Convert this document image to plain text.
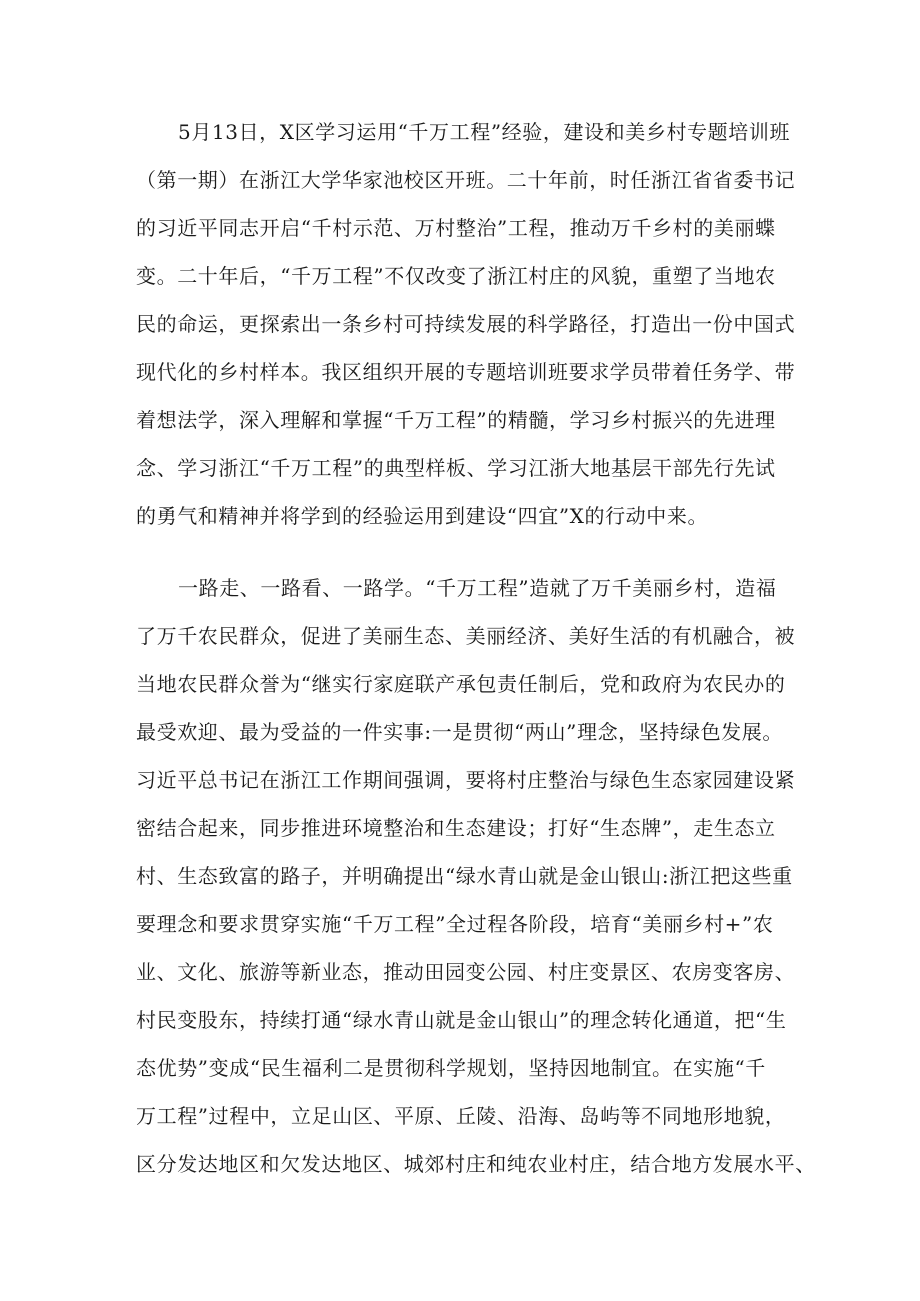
5月13日，X区学习运用“千万工程”经验，建设和美乡村专题培训班
（第一期）在浙江大学华家池校区开班。二十年前，时任浙江省省委书记
的习近平同志开启“千村示范、万村整治”工程，推动万千乡村的美丽蝶
变。二十年后，“千万工程”不仅改变了浙江村庄的风貌，重塑了当地农
民的命运，更探索出一条乡村可持续发展的科学路径，打造出一份中国式
现代化的乡村样本。我区组织开展的专题培训班要求学员带着任务学、带
着想法学，深入理解和掌握“千万工程”的精髓，学习乡村振兴的先进理
念、学习浙江“千万工程”的典型样板、学习江浙大地基层干部先行先试
的勇气和精神并将学到的经验运用到建设“四宜”X的行动中来。
一路走、一路看、一路学。“千万工程”造就了万千美丽乡村，造福
了万千农民群众，促进了美丽生态、美丽经济、美好生活的有机融合，被
当地农民群众誉为“继实行家庭联产承包责任制后，党和政府为农民办的
最受欢迎、最为受益的一件实事:一是贯彻“两山”理念，坚持绿色发展。
习近平总书记在浙江工作期间强调，要将村庄整治与绿色生态家园建设紧
密结合起来，同步推进环境整治和生态建设；打好“生态牌”，走生态立
村、生态致富的路子，并明确提出“绿水青山就是金山银山:浙江把这些重
要理念和要求贯穿实施“千万工程”全过程各阶段，培育“美丽乡村+”农
业、文化、旅游等新业态，推动田园变公园、村庄变景区、农房变客房、
村民变股东，持续打通“绿水青山就是金山银山”的理念转化通道，把“生
态优势”变成“民生福利二是贯彻科学规划，坚持因地制宜。在实施“千
万工程”过程中，立足山区、平原、丘陵、沿海、岛屿等不同地形地貌，
区分发达地区和欠发达地区、城郊村庄和纯农业村庄，结合地方发展水平、
